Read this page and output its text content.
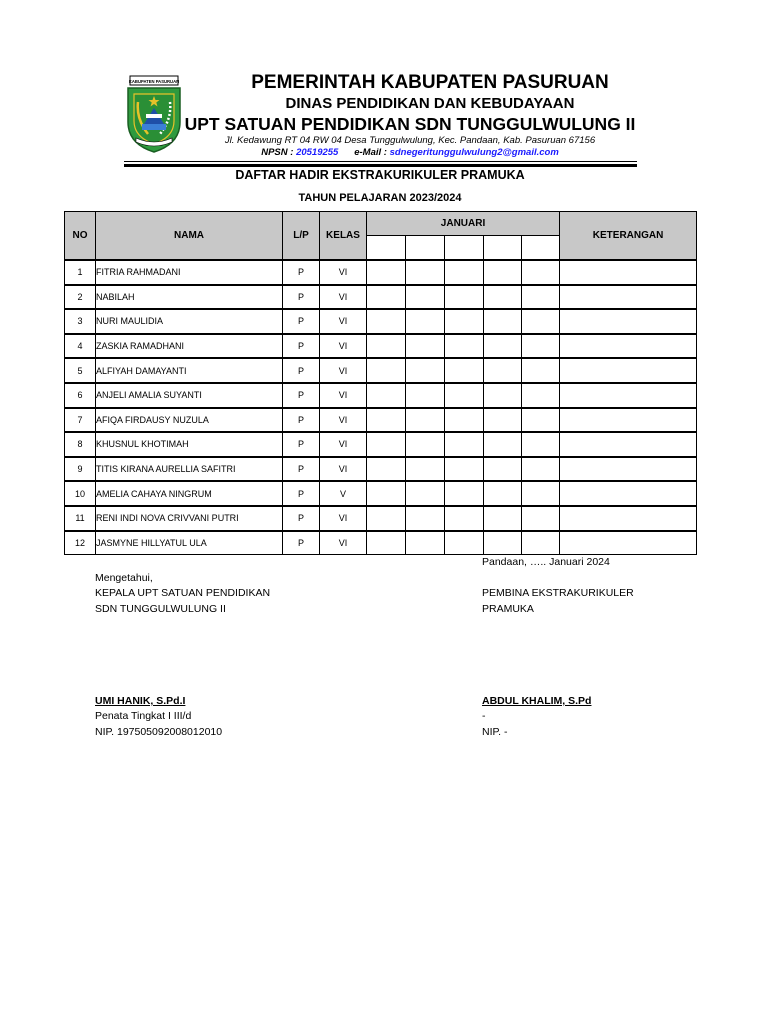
KABUPATEN PASURUAN	PEMERINTAH KABUPATEN PASURUAN
DINAS PENDIDIKAN DAN KEBUDAYAAN
UPT SATUAN PENDIDIKAN SDN TUNGGULWULUNG II
Jl. Kedawung RT 04 RW 04 Desa Tunggulwulung, Kec. Pandaan, Kab. Pasuruan 67156
NPSN : 20519255 e-Mail : sdnegeritunggulwulung2@gmail.com
DAFTAR HADIR EKSTRAKURIKULER PRAMUKA
TAHUN PELAJARAN 2023/2024
NO	NAMA	L/P	KELAS	JANUARI					KETERANGAN

1	FITRIA RAHMADANI	P	VI						
2	NABILAH	P	VI						
3	NURI MAULIDIA	P	VI						
4	ZASKIA RAMADHANI	P	VI						
5	ALFIYAH DAMAYANTI	P	VI						
6	ANJELI AMALIA SUYANTI	P	VI						
7	AFIQA FIRDAUSY NUZULA	P	VI						
8	KHUSNUL KHOTIMAH	P	VI						
9	TITIS KIRANA AURELLIA SAFITRI	P	VI						
10	AMELIA CAHAYA NINGRUM	P	V						
11	RENI INDI NOVA CRIVVANI PUTRI	P	VI						
12	JASMYNE HILLYATUL ULA	P	VI						
Pandaan, ….. Januari 2024
Mengetahui,
KEPALA UPT SATUAN PENDIDIKAN
SDN TUNGGULWULUNG II
PEMBINA EKSTRAKURIKULER
PRAMUKA
UMI HANIK, S.Pd.I
Penata Tingkat I III/d
NIP. 197505092008012010
ABDUL KHALIM, S.Pd
-
NIP. -
